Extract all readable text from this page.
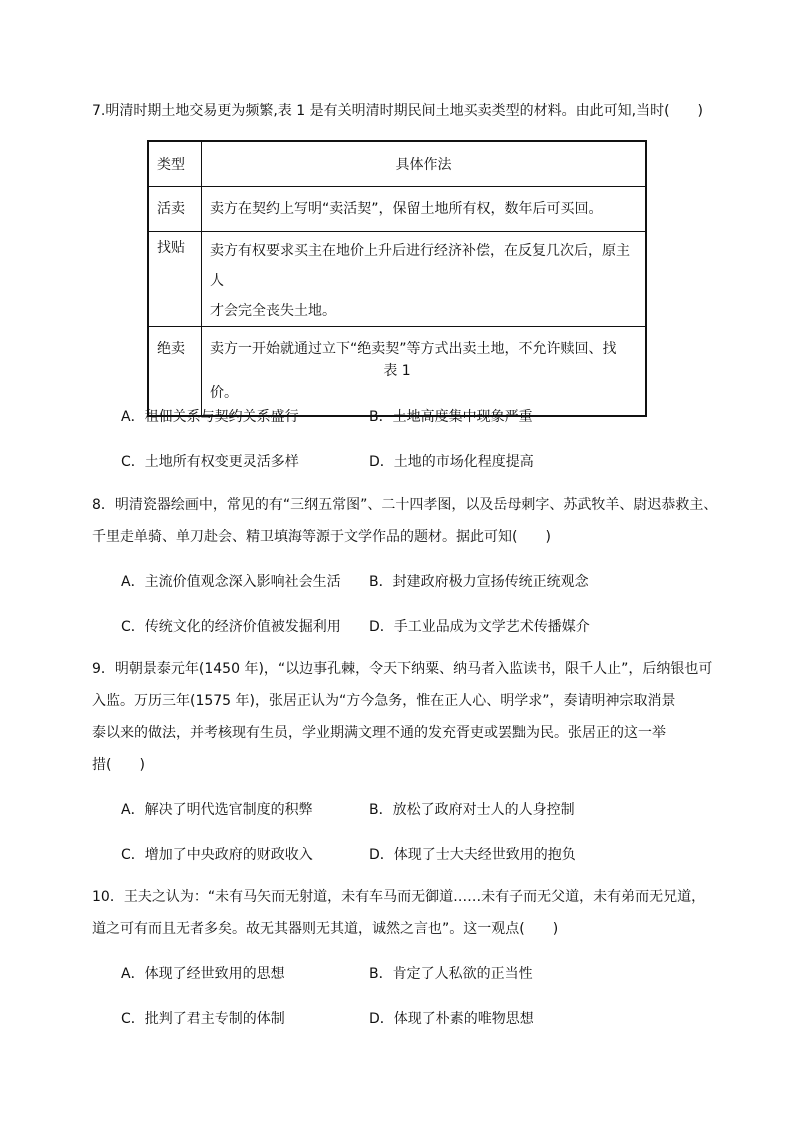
7.明清时期土地交易更为频繁,表 1 是有关明清时期民间土地买卖类型的材料。由此可知,当时(　　)
类型	具体作法
活卖	卖方在契约上写明“卖活契”，保留土地所有权，数年后可买回。
找贴	卖方有权要求买主在地价上升后进行经济补偿，在反复几次后，原主人
才会完全丧失土地。

绝卖	卖方一开始就通过立下“绝卖契”等方式出卖土地，不允许赎回、找价。
表 1
A．租佃关系与契约关系盛行	B．土地高度集中现象严重
C．土地所有权变更灵活多样	D．土地的市场化程度提高
8．明清瓷器绘画中，常见的有“三纲五常图”、二十四孝图，以及岳母刺字、苏武牧羊、尉迟恭救主、
千里走单骑、单刀赴会、精卫填海等源于文学作品的题材。据此可知(　　)
A．主流价值观念深入影响社会生活 B．封建政府极力宣扬传统正统观念
C．传统文化的经济价值被发掘利用 D．手工业品成为文学艺术传播媒介
9．明朝景泰元年(1450 年)，“以边事孔棘，令天下纳粟、纳马者入监读书，限千人止”，后纳银也可
入监。万历三年(1575 年)，张居正认为“方今急务，惟在正人心、明学求”，奏请明神宗取消景
泰以来的做法，并考核现有生员，学业期满文理不通的发充胥吏或罢黜为民。张居正的这一举
措(　　)
A．解决了明代选官制度的积弊	B．放松了政府对士人的人身控制
C．增加了中央政府的财政收入	D．体现了士大夫经世致用的抱负
10．王夫之认为：“未有马矢而无射道，未有车马而无御道……未有子而无父道，未有弟而无兄道，
道之可有而且无者多矣。故无其器则无其道，诚然之言也”。这一观点(　　)
A．体现了经世致用的思想	B．肯定了人私欲的正当性
C．批判了君主专制的体制	D．体现了朴素的唯物思想
